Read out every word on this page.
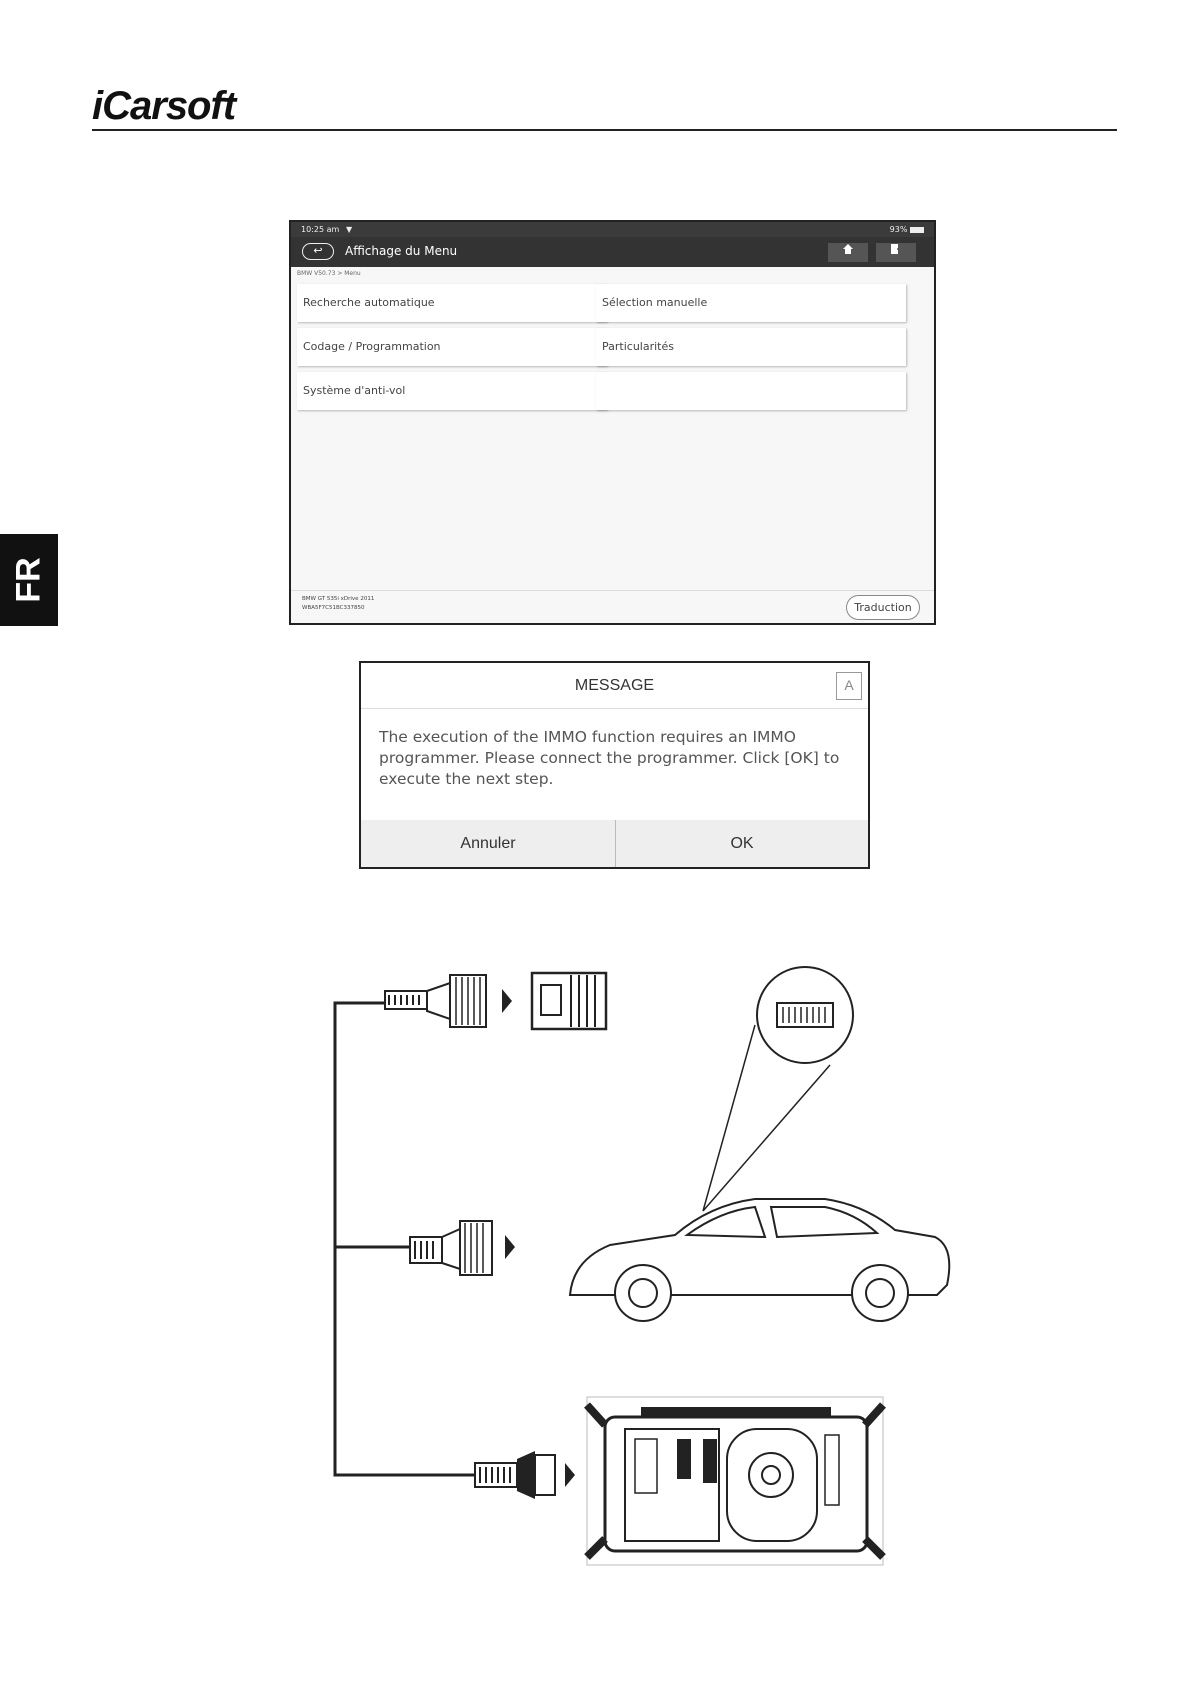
iCarsoft
FR
10:25 am ▼	93%
↩	Affichage du Menu
BMW V50.73 > Menu
Recherche automatique	Sélection manuelle
Codage / Programmation	Particularités
Système d'anti-vol
BMW GT 535i xDrive 2011
WBA5F7C51BC337850	Traduction
MESSAGE	A
The execution of the IMMO function requires an IMMO programmer. Please connect the programmer. Click [OK] to execute the next step.
Annuler	OK
